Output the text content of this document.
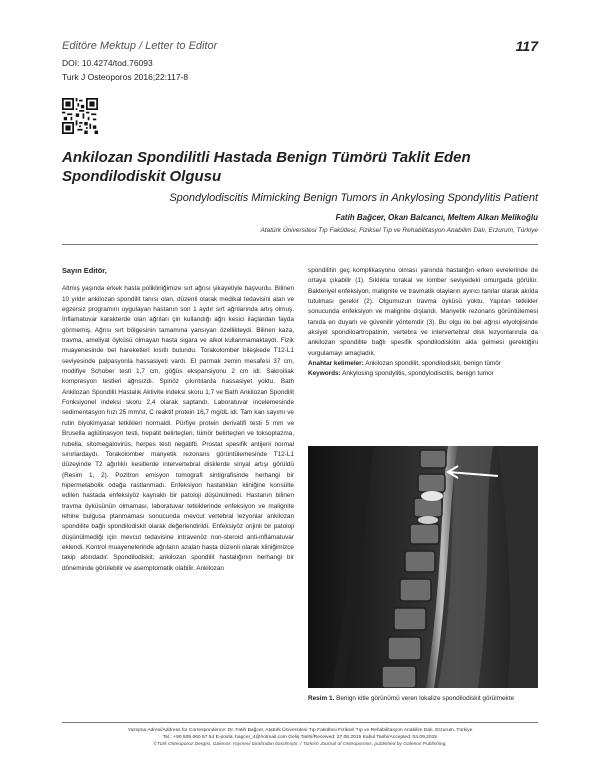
Editöre Mektup / Letter to Editor	117
DOI: 10.4274/tod.76093
Turk J Osteoporos 2016;22:117-8
Ankilozan Spondilitli Hastada Benign Tümörü Taklit Eden Spondilodiskit Olgusu
Spondylodiscitis Mimicking Benign Tumors in Ankylosing Spondylitis Patient
Fatih Bağcer, Okan Balcancı, Meltem Alkan Melikoğlu
Atatürk Üniversitesi Tıp Fakültesi, Fiziksel Tıp ve Rehabilitasyon Anabilim Dalı, Erzurum, Türkiye

Sayın Editör,

Altmış yaşında erkek hasta polikliniğimize sırt ağrısı şikayetiyle başvurdu. Bilinen 10 yıldır ankilozan spondilit tanısı olan, düzenli olarak medikal tedavisini alan ve egzersiz programını uygulayan hastanın son 1 aydır sırt ağrılarında artış olmuş. İnflamatuvar karakterde olan ağrıları çin kullandığı ağrı kesici ilaçlardan fayda görmemiş. Ağrısı sırt bölgesinin tamamına yansıyan özellikteydi. Bilinen kaza, travma, ameliyat öyküsü olmayan hasta sigara ve alkol kullanmamaktaydı. Fizik muayenesinde bel hareketleri kısıtlı bulundu. Torakolomber bileşkede T12-L1 seviyesinde palpasyonla hassasiyeti vardı. El parmak zemin mesafesi 37 cm, modifiye Schober testi 1,7 cm, göğüs ekspansiyonu 2 cm idi. Sakroiliak kompresyon testleri ağrısızdı. Spinöz çıkıntılarda hassasiyet yoktu. Bath Ankilozan Spondilit Hastalık Aktivite indeksi skoru 1,7 ve Bath Ankilozan Spondilit Fonksiyonel indeksi skoru 2,4 olarak saptandı. Laboratuvar incelemesinde sedimentasyon hızı 25 mm/st, C reaktif protein 16,7 mg/dL idi. Tam kan sayımı ve rutin biyokimyasal tetkikleri normaldi. Pürfiye protein derivatifi testi 5 mm ve Brusella aglütinasyon testi, hepatit belirteçleri, tümör belirteçleri ve toksoplazma, rubella, sitomegalovirüs, herpes testi negatifti. Prostat spesifik antijeni normal sınırlardaydı. Torakolomber manyetik rezonans görüntülemesinde T12-L1 düzeyinde T2 ağırlıklı kesitlerde intervertebral disklerde sinyal artışı görüldü (Resim 1, 2). Pozitron emisyon tomografi sintigrafisinde herhangi bir hipermetabolik odağa rastlanmadı. Enfeksiyon hastalıkları kliniğine konsülte edilen hastada enfeksiyöz kaynaklı bir patoloji düşünülmedi. Hastanın bilinen travma öyküsünün olmaması, laboratuvar tetkiklerinde enfeksiyon ve malignite lehine bulgusa ptanmaması sonucunda mevcut vertebral lezyonlar ankilozan spondilite bağlı spondilodiskit olarak değerlendirildi. Enfeksiyöz orijinli bir patoloji düşünülmediği için mevcut tedavisine intravenöz non-steroid anti-inflamatuvar eklendi. Kontrol muayenelerinde ağrıların azalan hasta düzenli olarak kliniğimizce takip altındadır. Spondilodiskit; ankilozan spondilit hastalığının herhangi bir döneminde görülebilir ve asemptomatik olabilir. Ankilozan

spondilitin geç komplikasyonu olması yanında hastalığın erken evrelerinde de ortaya çıkabilir (1). Sıklıkla torakal ve lomber seviyedeki omurgada görülür. Bakteriyel enfeksiyon, malignite ve travmatik olayların ayırıcı tanılar olarak akılda tutulması gerekir (2). Olgumuzun travma öyküsü yoktu. Yapılan tetkikler sonucunda enfeksiyon ve malignite dışlandı. Manyetik rezonans görüntülemesi tanıda en duyarlı ve güvenilir yöntemdir (3). Bu olgu ile bel ağrısı etyolojisinde aksiyel spondiloartropatinin, vertebra ve intervertebral disk lezyonlarında da ankilozan spondilite bağlı spesifik spondilodiskitin akla gelmesi gerektiğini vurgulamayı amaçladık.

Anahtar kelimeler: Ankilozan spondilit, spondilodiskit, benign tümör

Keywords: Ankylosing spondylitis, spondylodiscitis, benign tumor

Resim 1. Benign kitle görünümü veren lokalize spondilodiskit görülmekte
Yazışma Adresi/Address for Correspondence: Dr. Fatih Bağcer, Atatürk Üniversitesi Tıp Fakültesi Fiziksel Tıp ve Rehabilitasyon Anabilim Dalı, Erzurum, Türkiye
Tel.: +90 505 660 57 54 E-posta: bagcer_4@hotmail.com Geliş Tarihi/Received: 27.08.2015 Kabul Tarihi/Accepted: 04.09.2015
©Türk Osteoporoz Dergisi, Galenos Yayınevi tarafından basılmıştır. / Turkish Journal of Osteoporosis, published by Galenos Publishing.
